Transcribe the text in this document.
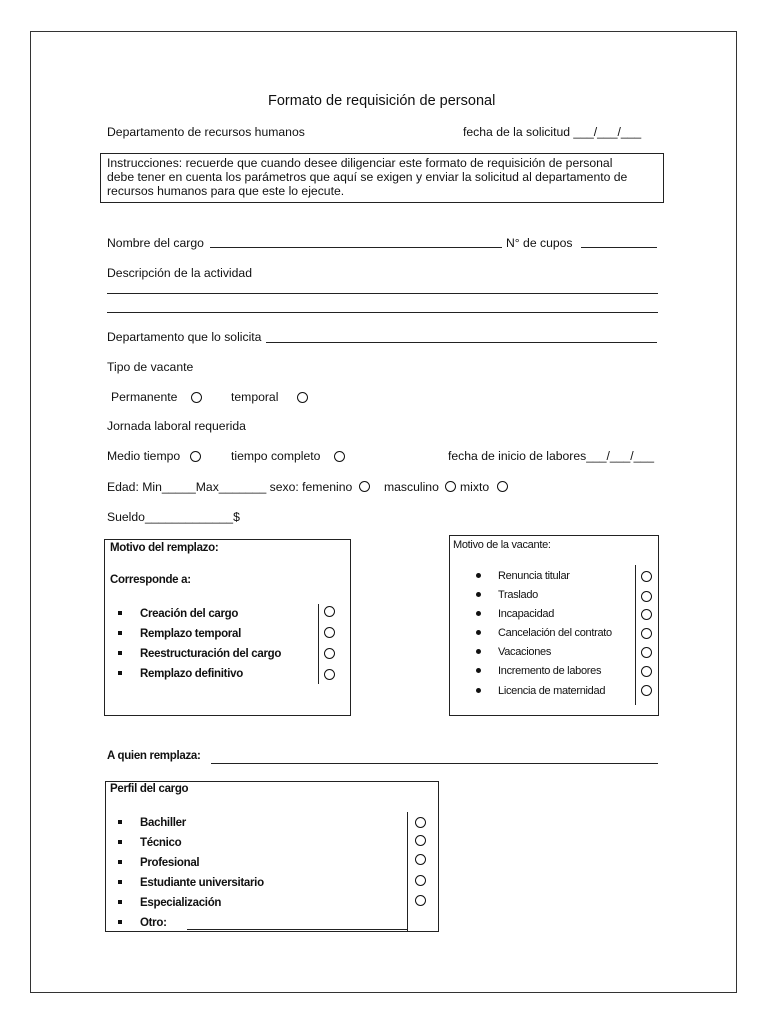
Formato de requisición de personal
Departamento de recursos humanos	fecha de la solicitud ___/___/___
Instrucciones: recuerde que cuando desee diligenciar este formato de requisición de personal
debe tener en cuenta los parámetros que aquí se exigen y enviar la solicitud al departamento de
recursos humanos para que este lo ejecute.
Nombre del cargo	N° de cupos
Descripción de la actividad
Departamento que lo solicita
Tipo de vacante
Permanente	temporal
Jornada laboral requerida
Medio tiempo	tiempo completo	fecha de inicio de labores___/___/___
Edad: Min_____Max_______ sexo: femenino	masculino mixto
Sueldo_____________$
Motivo del remplazo:
Corresponde a:
Creación del cargo
Remplazo temporal
Reestructuración del cargo
Remplazo definitivo
Motivo de la vacante:
Renuncia titular
Traslado
Incapacidad
Cancelación del contrato
Vacaciones
Incremento de labores
Licencia de maternidad
A quien remplaza:
Perfil del cargo
Bachiller
Técnico
Profesional
Estudiante universitario
Especialización
Otro:
